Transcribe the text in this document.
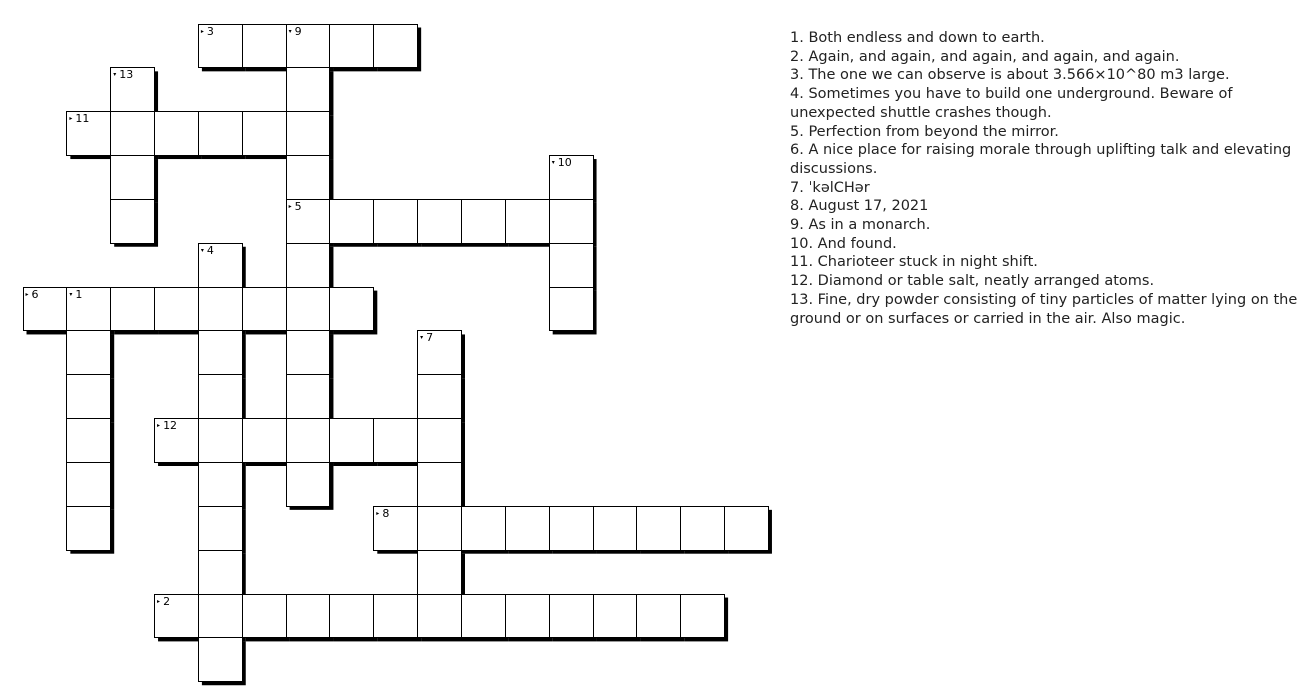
▸ 3	▾ 9
▾ 13
▸ 11
▾ 10
▸ 5
▾ 4
▸ 6	▾ 1
▾ 7
▸ 12
▸ 8
▸ 2
1. Both endless and down to earth.
2. Again, and again, and again, and again, and again.
3. The one we can observe is about 3.566×10^80 m3 large.
4. Sometimes you have to build one underground. Beware of unexpected shuttle crashes though.
5. Perfection from beyond the mirror.
6. A nice place for raising morale through uplifting talk and elevating discussions.
7. ˈkəlCHər
8. August 17, 2021
9. As in a monarch.
10. And found.
11. Charioteer stuck in night shift.
12. Diamond or table salt, neatly arranged atoms.
13. Fine, dry powder consisting of tiny particles of matter lying on the ground or on surfaces or carried in the air. Also magic.
